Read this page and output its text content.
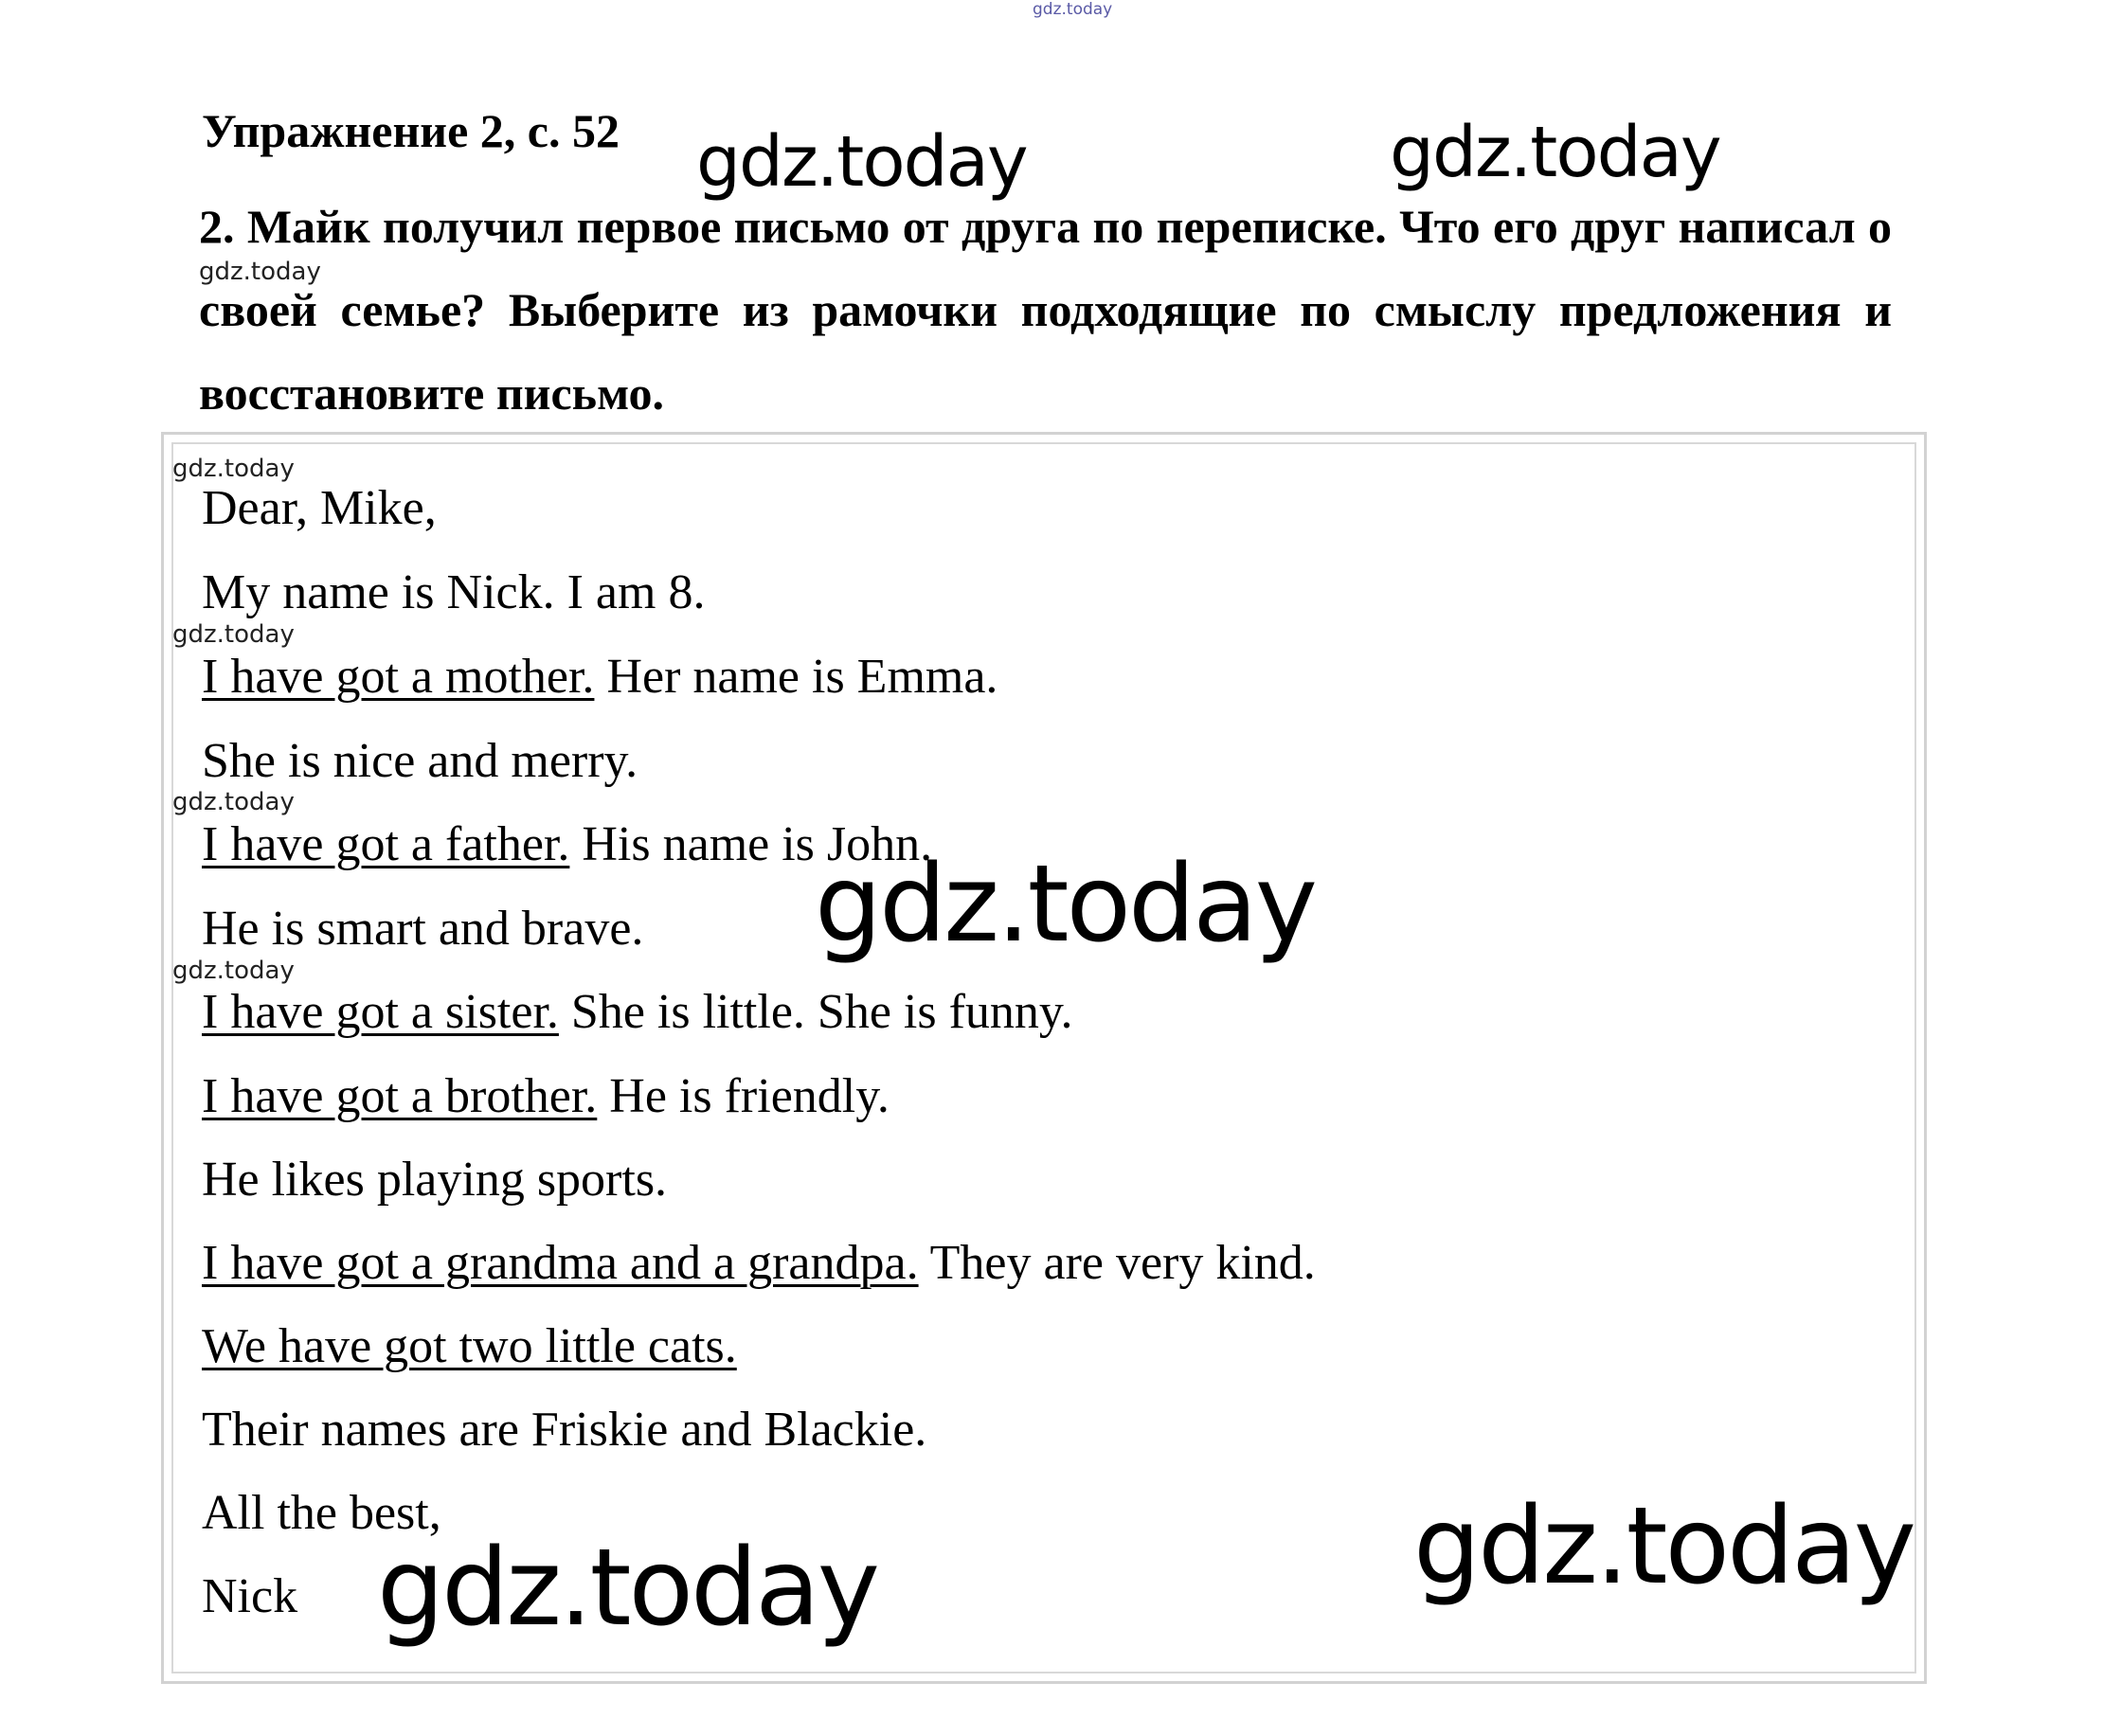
gdz.today
Упражнение 2, с. 52
2. Майк получил первое письмо от друга по переписке. Что его друг написал о своей семье? Выберите из рамочки подходящие по смыслу предложения и восстановите письмо.
Dear, Mike,
My name is Nick. I am 8.
I have got a mother. Her name is Emma.
She is nice and merry.
I have got a father. His name is John.
He is smart and brave.
I have got a sister. She is little. She is funny.
I have got a brother. He is friendly.
He likes playing sports.
I have got a grandma and a grandpa. They are very kind.
We have got two little cats.
Their names are Friskie and Blackie.
All the best,
Nick
gdz.today	gdz.today
gdz.today
gdz.today
gdz.today
gdz.today
gdz.today
gdz.today
gdz.today	gdz.today
